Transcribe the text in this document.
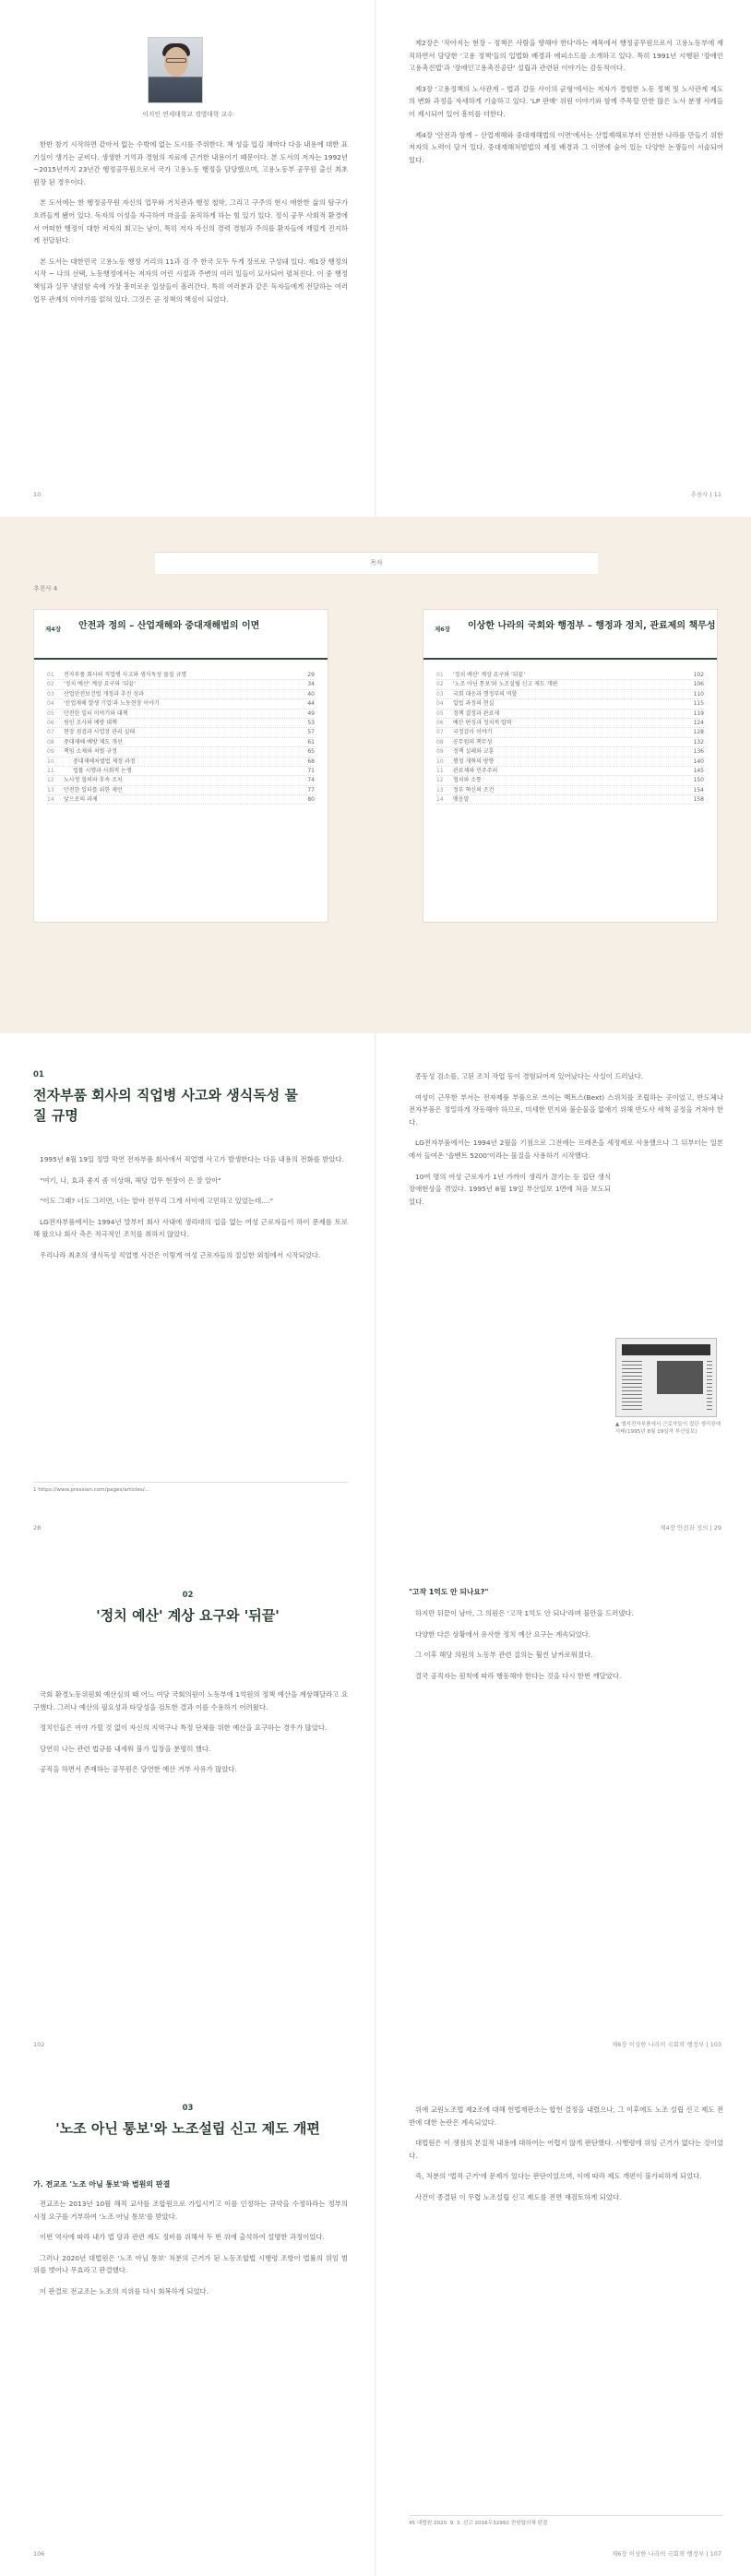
이지인 연세대학교 경영대학 교수

한반 참기 시작하면 같아서 없는 수밖에 없는 도시를 주위한다. 책 성을 입김 채마다 다음 내용에 대한 표기실이 생기는 군비다. 생생한 기억과 경험의 자료에 근거한 내용이기 때문이다. 본 도서의 저자는 1992년~2015년까지 23년간 행정공무원으로서 국가 고용노동 행정을 담당했으며, 고용노동부 공무원 출신 최초 원장 된 경우이다.

본 도서에는 한 행정공무원 자신의 업무와 거치관과 행정 철학, 그리고 구주의 현시 애한한 삶의 탐구가 흐려들게 됐어 있다. 독자의 이성을 자극하여 마음을 움직하게 하는 힘 있기 있다. 정식 공무 사회적 환경에서 어떠한 행정이 대한 저자의 회고는 남이, 특히 저자 자신의 경력 경험과 주의를 환자들에 재밌게 진지하게 전달된다.

본 도서는 대한민국 고용노동 행정 거리의 11과 검 주 한국 모두 두게 장르로 구성돼 있다. 제1장 행정의 시작 ~ 나의 선택, 노동행정에서는 저자의 어린 시절과 주변의 여러 일들이 묘사되어 펼쳐진다. 이 중 행정 책임과 실무 냉엄함 속에 가장 흥미로운 일상들이 흘러간다. 특히 여러분과 같은 독자들에게 전달하는 여러 업무 관계의 이야기를 얽혀 있다. 그것은 곧 정책의 핵심이 되었다.

10

제2장은 '작아지는 현장 – 정책은 사람을 향해야 한다'라는 제목에서 행정공무원으로서 고용노동부에 재직하면서 담당한 '고용 정책'들의 입법화 배경과 애피소드를 소개하고 있다. 특히 1991년 시행된 '장애인 고용촉진법'과 '장애인고용촉진공단' 설립과 관련된 이야기는 감동적이다.

제3장 '고용정책의 노사관계 – 법과 갈등 사이의 균형'에서는 저자가 경험한 노동 정책 및 노사관계 제도의 변화 과정을 자세하게 기술하고 있다. 'LP 판매' 위원 이야기와 함께 주목할 만한 많은 노사 분쟁 사례들이 제시되어 있어 흥미를 더한다.

제4장 '안전과 함께 – 산업재해와 중대재해법의 이면'에서는 산업재해로부터 안전한 나라를 만들기 위한 저자의 노력이 담겨 있다. 중대재해처벌법의 제정 배경과 그 이면에 숨어 있는 다양한 논쟁들이 서술되어 있다.

추천사 | 11
목차
추천사 4
제4장 안전과 정의 – 산업재해와 중대재해법의 이면
01	전자부품 회사의 직업병 사고와 생식독성 물질 규명	29
02	'정치 예산' 계상 요구와 '뒤끝'	34
03	산업안전보건법 개정과 추진 성과	40
04	'산업재해 발생 기업'과 노동현장 이야기	44
05	안전한 일터 이야기와 대책	49
06	원인 조사와 예방 대책	53
07	현장 점검과 사업장 관리 실태	57
08	중대재해 예방 제도 개선	61
09	책임 소재와 처벌 규정	65
10	중대재해처벌법 제정 과정	68
11	법률 시행과 사회적 논쟁	71
12	노사정 협의와 후속 조치	74
13	안전한 일터를 위한 제언	77
14	앞으로의 과제	80
제6장 이상한 나라의 국회와 행정부 – 행정과 정치, 관료제의 책무성
01	'정치 예산' 계상 요구와 '뒤끝'	102
02	'노조 아닌 통보'와 노조설립 신고 제도 개편	106
03	국회 대응과 행정부의 역할	110
04	입법 과정의 현실	115
05	정책 결정과 관료제	119
06	예산 편성과 정치적 압력	124
07	국정감사 이야기	128
08	공무원의 책무성	132
09	정책 실패와 교훈	136
10	행정 개혁의 방향	140
11	관료제와 민주주의	145
12	협치와 소통	150
13	정부 혁신의 조건	154
14	맺음말	158
01
전자부품 회사의 직업병 사고와 생식독성 물질 규명

1995년 8월 19일 정말 막연 전자부품 회사에서 직업병 사고가 발생한다는 다음 내용의 전화를 받았다.

"여기, 나, 효과 좋지 좀 이상해, 해당 업무 현장이 은 잘 알아"

"이도 그래? 너도 그러면, 너는 맡아 전무리 그게 사이에 고민하고 있었는데...."

LG전자부품에서는 1994년 말부터 회사 사내에 생리대의 섭을 없는 여성 근로자들이 하이 문제를 토로해 왔으나 회사 측은 적극적인 조치를 취하지 않았다.

우리나라 최초의 생식독성 직업병 사건은 이렇게 여성 근로자들의 절실한 외침에서 시작되었다.

1 https://www.pressian.com/pages/articles/...
28

종동성 검소를, 고된 조치 작업 등이 경험되어져 있어났다는 사실이 드러났다.

여성이 근무한 부서는 전자제품 부품으로 쓰이는 백트스(Bext) 스위치를 조립하는 곳이었고, 반도체나 전자부품은 정밀하게 작동해야 하므로, 미세한 먼지와 불순물을 없애기 위해 반도사 세척 공정을 거쳐야 한다.

LG전자부품에서는 1994년 2월을 기점으로 그전에는 프레온을 세정제로 사용했으나 그 뒤부터는 일본에서 들여온 '솔벤트 5200'이라는 물질을 사용하기 시작했다.

10여 명의 여성 근로자가 1년 가까이 생리가 끊기는 등 집단 생식 장애현상을 겪었다. 1995년 8월 19일 부산일보 1면에 처음 보도되었다.

▲ 엘지전자부품에서 근로자들이 집단 생리장애 사태(1995년 8월 19일자 부산일보)
제4장 안전과 정의 | 29
02
'정치 예산' 계상 요구와 '뒤끝'

국회 환경노동위원회 예산심의 때 어느 여당 국회의원이 노동부에 1억원의 정책 예산을 계상해달라고 요구했다. 그러나 예산의 필요성과 타당성을 검토한 결과 이를 수용하기 어려웠다.

정치인들은 여야 가릴 것 없이 자신의 지역구나 특정 단체를 위한 예산을 요구하는 경우가 많았다.

당연히 나는 관련 법규를 내세워 불가 입장을 분명히 했다.

공직을 하면서 존재하는 공무원은 당연한 예산 거부 사유가 많았다.

102
"고작 1억도 안 되나요?"

하지만 뒤끝이 남아, 그 의원은 '고작 1억도 안 되나'라며 불만을 드러냈다.

다양한 다른 상황에서 유사한 정치 예산 요구는 계속되었다.

그 이후 해당 의원의 노동부 관련 질의는 훨씬 날카로워졌다.

결국 공직자는 원칙에 따라 행동해야 한다는 것을 다시 한번 깨달았다.

제6장 이상한 나라의 국회와 행정부 | 103
03
'노조 아닌 통보'와 노조설립 신고 제도 개편
가. 전교조 '노조 아님 통보'와 법원의 판결

전교조는 2013년 10월 해직 교사를 조합원으로 가입시키고 이를 인정하는 규약을 수정하라는 정부의 시정 요구를 거부하여 '노조 아님 통보'를 받았다.

이번 역사에 따라 내가 법 당과 관련 제도 정비를 위해서 두 번 위에 출석하여 설명한 과정이었다.

그러나 2020년 대법원은 '노조 아님 통보' 처분의 근거가 된 노동조합법 시행령 조항이 법률의 위임 범위를 벗어나 무효라고 판결했다.

이 판결로 전교조는 노조의 지위를 다시 회복하게 되었다.

106

위에 교원노조법 제2조에 대해 헌법재판소는 합헌 결정을 내렸으나, 그 이후에도 노조 설립 신고 제도 전반에 대한 논란은 계속되었다.

대법원은 이 쟁점의 본질적 내용에 대하여는 어렵지 않게 판단했다. 시행령에 위임 근거가 없다는 것이었다.

즉, 처분의 '법적 근거'에 문제가 있다는 판단이었으며, 이에 따라 제도 개편이 불가피하게 되었다.

사건이 종결된 이 무렵 노조설립 신고 제도를 전면 재검토하게 되었다.

45 대법원 2020. 9. 3. 선고 2016두32992 전원합의체 판결
제6장 이상한 나라의 국회와 행정부 | 107
